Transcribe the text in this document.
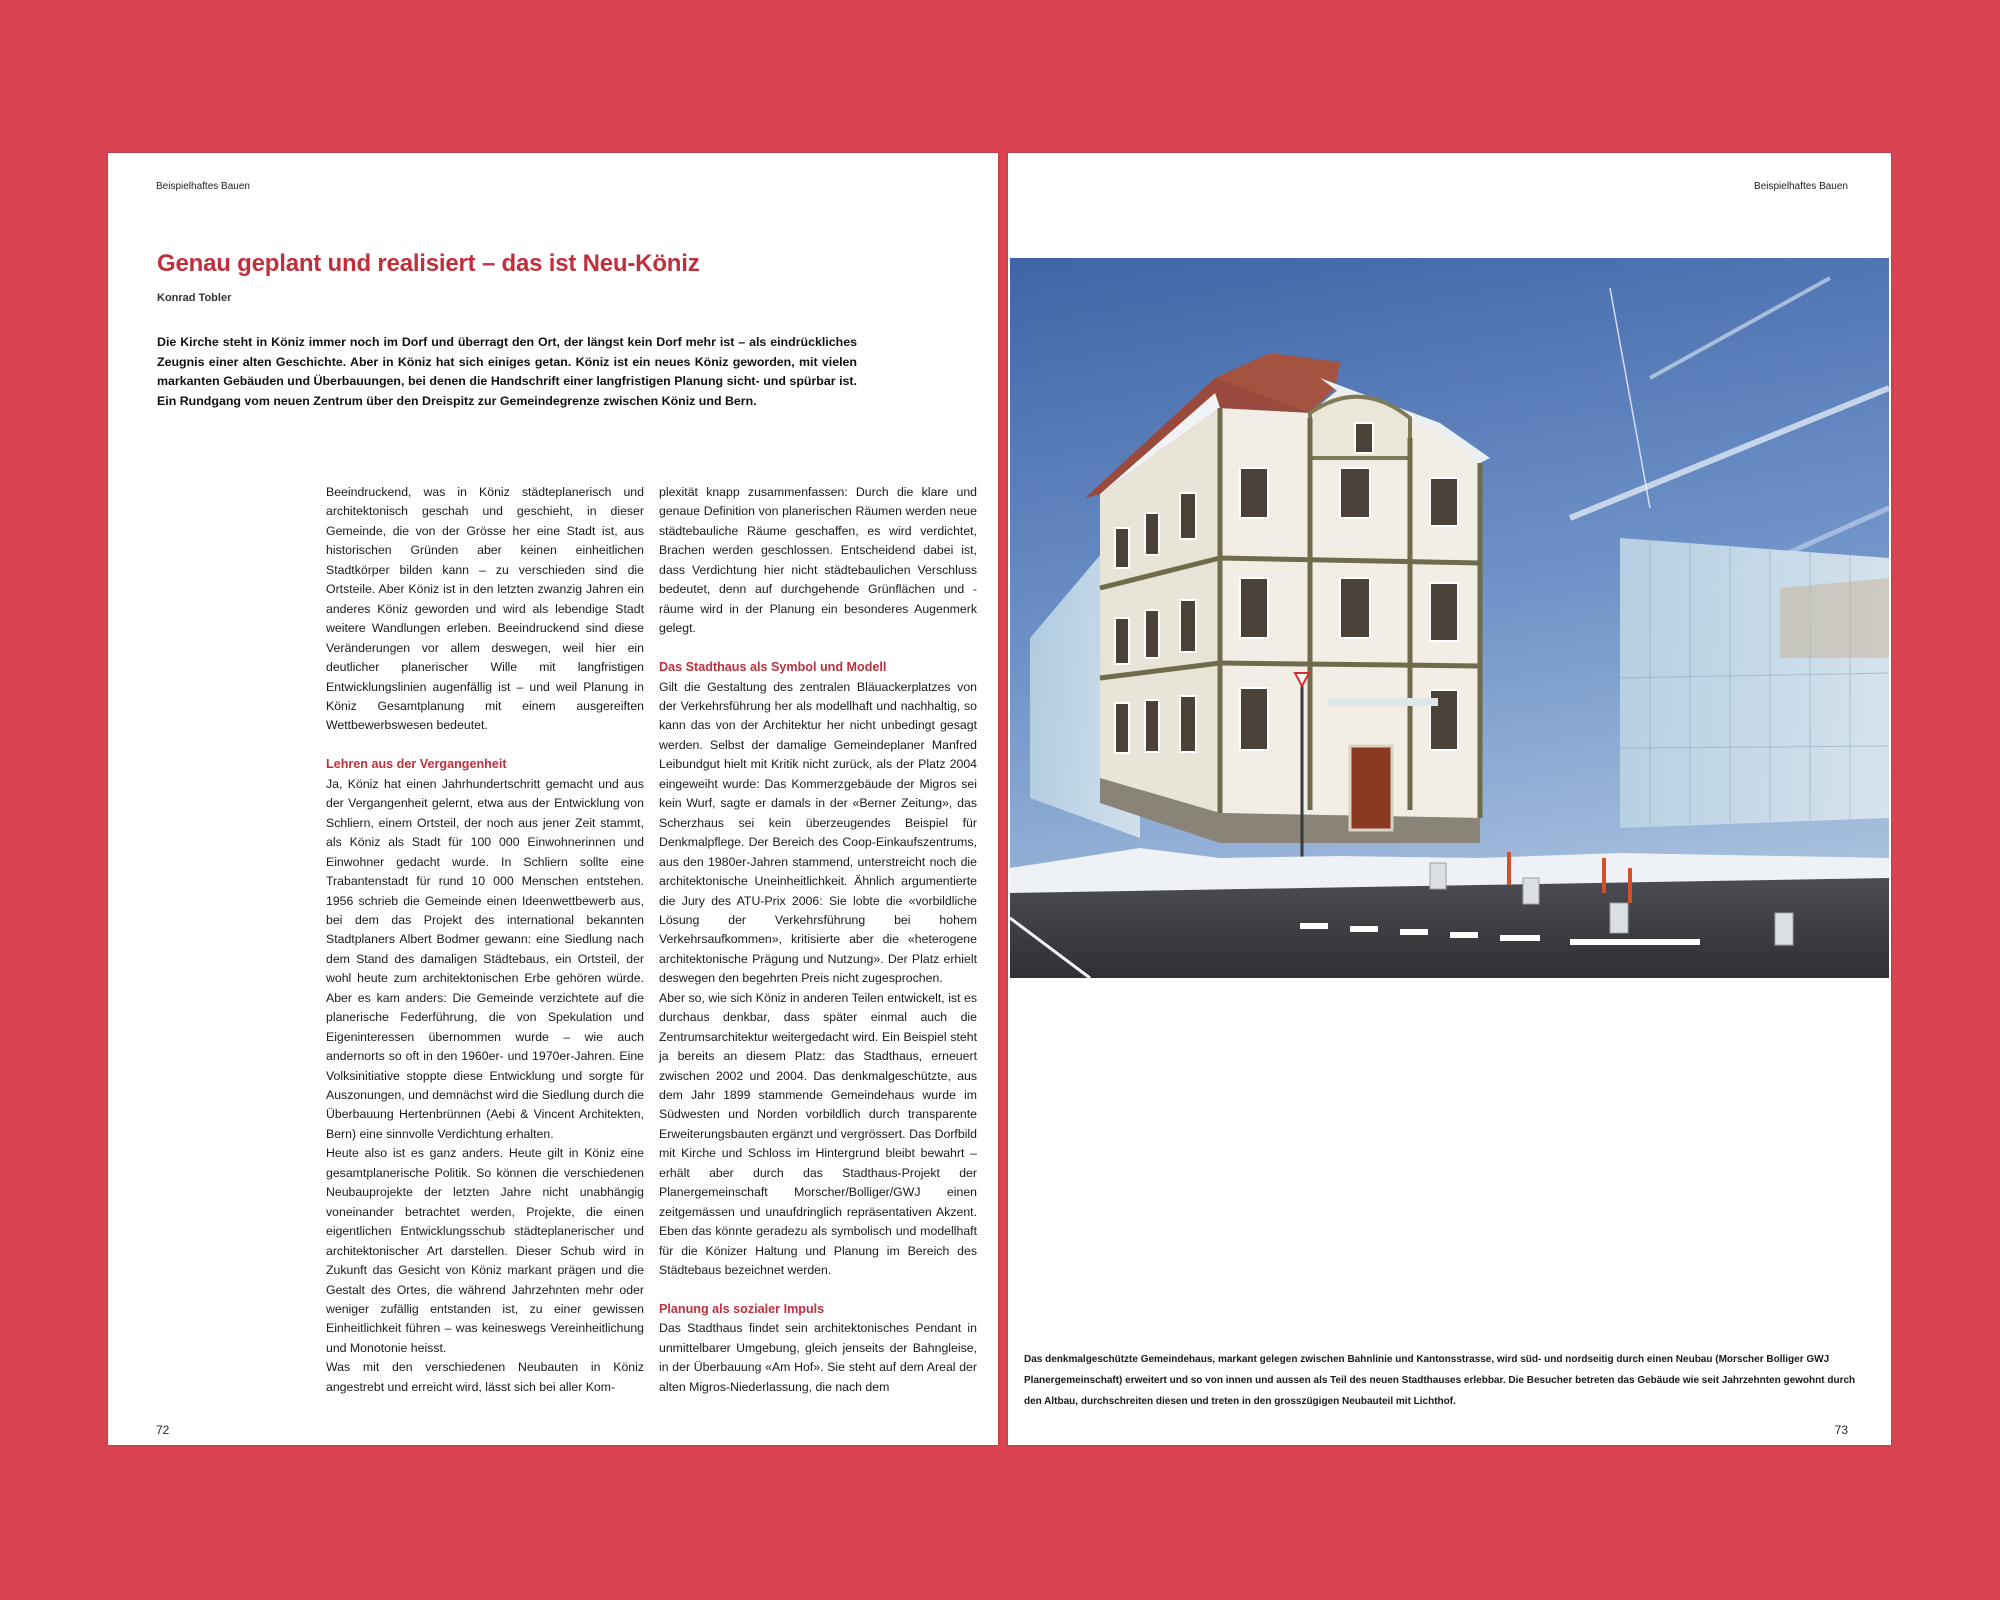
Beispielhaftes Bauen
Genau geplant und realisiert – das ist Neu-Köniz
Konrad Tobler

Die Kirche steht in Köniz immer noch im Dorf und überragt den Ort, der längst kein Dorf mehr ist – als eindrückliches Zeugnis einer alten Geschichte. Aber in Köniz hat sich einiges getan. Köniz ist ein neues Köniz geworden, mit vielen markanten Gebäuden und Überbauungen, bei denen die Handschrift einer langfristigen Planung sicht- und spürbar ist. Ein Rundgang vom neuen Zentrum über den Dreispitz zur Gemeindegrenze zwischen Köniz und Bern.

Beeindruckend, was in Köniz städteplanerisch und architektonisch geschah und geschieht, in dieser Gemeinde, die von der Grösse her eine Stadt ist, aus historischen Gründen aber keinen einheitlichen Stadtkörper bilden kann – zu verschieden sind die Ortsteile. Aber Köniz ist in den letzten zwanzig Jahren ein anderes Köniz geworden und wird als lebendige Stadt weitere Wandlungen erleben. Beeindruckend sind diese Veränderungen vor allem deswegen, weil hier ein deutlicher planerischer Wille mit langfristigen Entwicklungslinien augenfällig ist – und weil Planung in Köniz Gesamtplanung mit einem ausgereiften Wettbewerbswesen bedeutet.

Lehren aus der Vergangenheit

Ja, Köniz hat einen Jahrhundertschritt gemacht und aus der Vergangenheit gelernt, etwa aus der Entwicklung von Schliern, einem Ortsteil, der noch aus jener Zeit stammt, als Köniz als Stadt für 100 000 Einwohnerinnen und Einwohner gedacht wurde. In Schliern sollte eine Trabantenstadt für rund 10 000 Menschen entstehen. 1956 schrieb die Gemeinde einen Ideenwettbewerb aus, bei dem das Projekt des international bekannten Stadtplaners Albert Bodmer gewann: eine Siedlung nach dem Stand des damaligen Städtebaus, ein Ortsteil, der wohl heute zum architektonischen Erbe gehören würde. Aber es kam anders: Die Gemeinde verzichtete auf die planerische Federführung, die von Spekulation und Eigeninteressen übernommen wurde – wie auch andernorts so oft in den 1960er- und 1970er-Jahren. Eine Volksinitiative stoppte diese Entwicklung und sorgte für Auszonungen, und demnächst wird die Siedlung durch die Überbauung Hertenbrünnen (Aebi & Vincent Architekten, Bern) eine sinnvolle Verdichtung erhalten.

Heute also ist es ganz anders. Heute gilt in Köniz eine gesamtplanerische Politik. So können die verschiedenen Neubauprojekte der letzten Jahre nicht unabhängig voneinander betrachtet werden, Projekte, die einen eigentlichen Entwicklungsschub städteplanerischer und architektonischer Art darstellen. Dieser Schub wird in Zukunft das Gesicht von Köniz markant prägen und die Gestalt des Ortes, die während Jahrzehnten mehr oder weniger zufällig entstanden ist, zu einer gewissen Einheitlichkeit führen – was keineswegs Vereinheitlichung und Monotonie heisst.

Was mit den verschiedenen Neubauten in Köniz angestrebt und erreicht wird, lässt sich bei aller Kom-

plexität knapp zusammenfassen: Durch die klare und genaue Definition von planerischen Räumen werden neue städtebauliche Räume geschaffen, es wird verdichtet, Brachen werden geschlossen. Entscheidend dabei ist, dass Verdichtung hier nicht städtebaulichen Verschluss bedeutet, denn auf durchgehende Grünflächen und -räume wird in der Planung ein besonderes Augenmerk gelegt.

Das Stadthaus als Symbol und Modell

Gilt die Gestaltung des zentralen Bläuackerplatzes von der Verkehrsführung her als modellhaft und nachhaltig, so kann das von der Architektur her nicht unbedingt gesagt werden. Selbst der damalige Gemeindeplaner Manfred Leibundgut hielt mit Kritik nicht zurück, als der Platz 2004 eingeweiht wurde: Das Kommerzgebäude der Migros sei kein Wurf, sagte er damals in der «Berner Zeitung», das Scherzhaus sei kein überzeugendes Beispiel für Denkmalpflege. Der Bereich des Coop-Einkaufszentrums, aus den 1980er-Jahren stammend, unterstreicht noch die architektonische Uneinheitlichkeit. Ähnlich argumentierte die Jury des ATU-Prix 2006: Sie lobte die «vorbildliche Lösung der Verkehrsführung bei hohem Verkehrsaufkommen», kritisierte aber die «heterogene architektonische Prägung und Nutzung». Der Platz erhielt deswegen den begehrten Preis nicht zugesprochen.

Aber so, wie sich Köniz in anderen Teilen entwickelt, ist es durchaus denkbar, dass später einmal auch die Zentrumsarchitektur weitergedacht wird. Ein Beispiel steht ja bereits an diesem Platz: das Stadthaus, erneuert zwischen 2002 und 2004. Das denkmalgeschützte, aus dem Jahr 1899 stammende Gemeindehaus wurde im Südwesten und Norden vorbildlich durch transparente Erweiterungsbauten ergänzt und vergrössert. Das Dorfbild mit Kirche und Schloss im Hintergrund bleibt bewahrt – erhält aber durch das Stadthaus-Projekt der Planergemeinschaft Morscher/Bolliger/GWJ einen zeitgemässen und unaufdringlich repräsentativen Akzent. Eben das könnte geradezu als symbolisch und modellhaft für die Könizer Haltung und Planung im Bereich des Städtebaus bezeichnet werden.

Planung als sozialer Impuls

Das Stadthaus findet sein architektonisches Pendant in unmittelbarer Umgebung, gleich jenseits der Bahngleise, in der Überbauung «Am Hof». Sie steht auf dem Areal der alten Migros-Niederlassung, die nach dem

72
Beispielhaftes Bauen

Das denkmalgeschützte Gemeindehaus, markant gelegen zwischen Bahnlinie und Kantonsstrasse, wird süd- und nordseitig durch einen Neubau (Morscher Bolliger GWJ Planergemeinschaft) erweitert und so von innen und aussen als Teil des neuen Stadthauses erlebbar. Die Besucher betreten das Gebäude wie seit Jahrzehnten gewohnt durch den Altbau, durchschreiten diesen und treten in den grosszügigen Neubauteil mit Lichthof.

73
